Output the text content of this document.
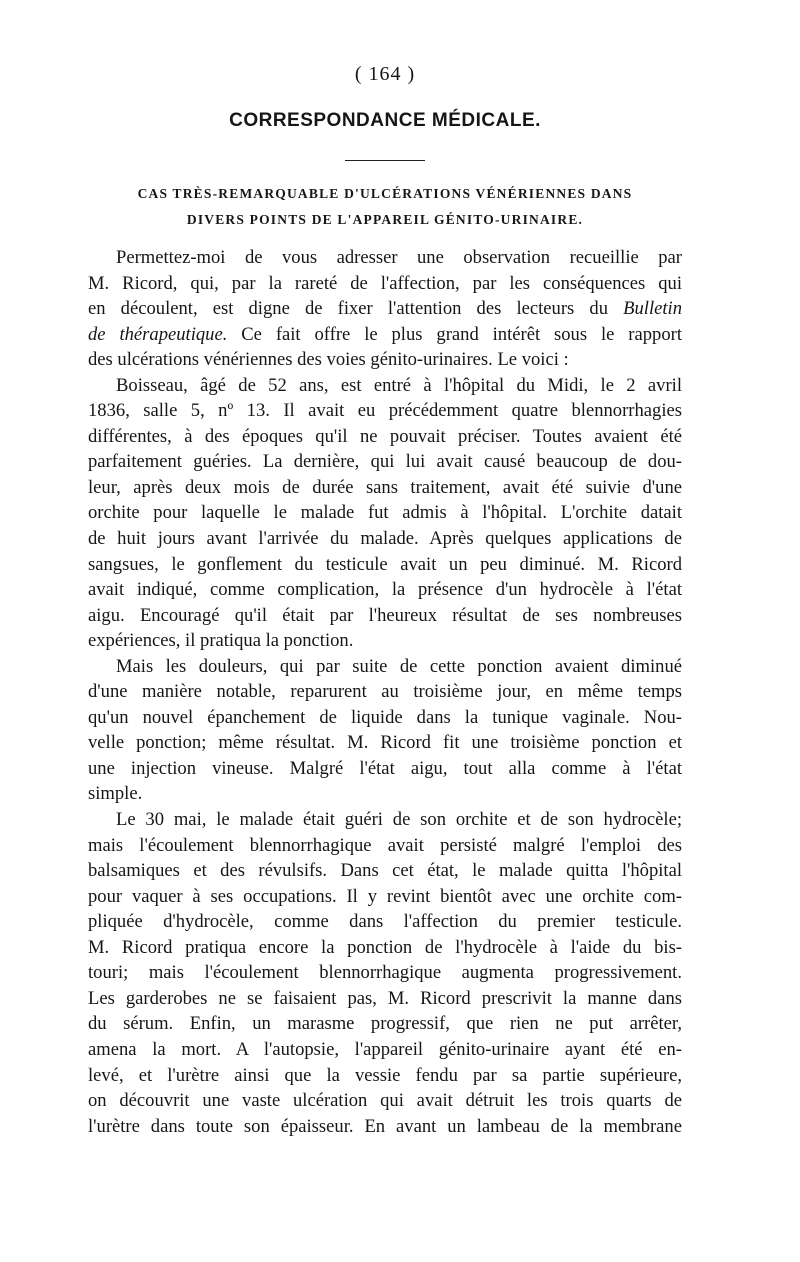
( 164 )
CORRESPONDANCE MÉDICALE.
CAS TRÈS-REMARQUABLE D'ULCÉRATIONS VÉNÉRIENNES DANS
DIVERS POINTS DE L'APPAREIL GÉNITO-URINAIRE.

Permettez-moi de vous adresser une observation recueillie par
M. Ricord, qui, par la rareté de l'affection, par les conséquences qui
en découlent, est digne de fixer l'attention des lecteurs du Bulletin
de thérapeutique. Ce fait offre le plus grand intérêt sous le rapport
des ulcérations vénériennes des voies génito-urinaires. Le voici :

Boisseau, âgé de 52 ans, est entré à l'hôpital du Midi, le 2 avril
1836, salle 5, nº 13. Il avait eu précédemment quatre blennorrhagies
différentes, à des époques qu'il ne pouvait préciser. Toutes avaient été
parfaitement guéries. La dernière, qui lui avait causé beaucoup de dou-
leur, après deux mois de durée sans traitement, avait été suivie d'une
orchite pour laquelle le malade fut admis à l'hôpital. L'orchite datait
de huit jours avant l'arrivée du malade. Après quelques applications de
sangsues, le gonflement du testicule avait un peu diminué. M. Ricord
avait indiqué, comme complication, la présence d'un hydrocèle à l'état
aigu. Encouragé qu'il était par l'heureux résultat de ses nombreuses
expériences, il pratiqua la ponction.

Mais les douleurs, qui par suite de cette ponction avaient diminué
d'une manière notable, reparurent au troisième jour, en même temps
qu'un nouvel épanchement de liquide dans la tunique vaginale. Nou-
velle ponction; même résultat. M. Ricord fit une troisième ponction et
une injection vineuse. Malgré l'état aigu, tout alla comme à l'état
simple.

Le 30 mai, le malade était guéri de son orchite et de son hydrocèle;
mais l'écoulement blennorrhagique avait persisté malgré l'emploi des
balsamiques et des révulsifs. Dans cet état, le malade quitta l'hôpital
pour vaquer à ses occupations. Il y revint bientôt avec une orchite com-
pliquée d'hydrocèle, comme dans l'affection du premier testicule.
M. Ricord pratiqua encore la ponction de l'hydrocèle à l'aide du bis-
touri; mais l'écoulement blennorrhagique augmenta progressivement.
Les garderobes ne se faisaient pas, M. Ricord prescrivit la manne dans
du sérum. Enfin, un marasme progressif, que rien ne put arrêter,
amena la mort. A l'autopsie, l'appareil génito-urinaire ayant été en-
levé, et l'urètre ainsi que la vessie fendu par sa partie supérieure,
on découvrit une vaste ulcération qui avait détruit les trois quarts de
l'urètre dans toute son épaisseur. En avant un lambeau de la membrane
